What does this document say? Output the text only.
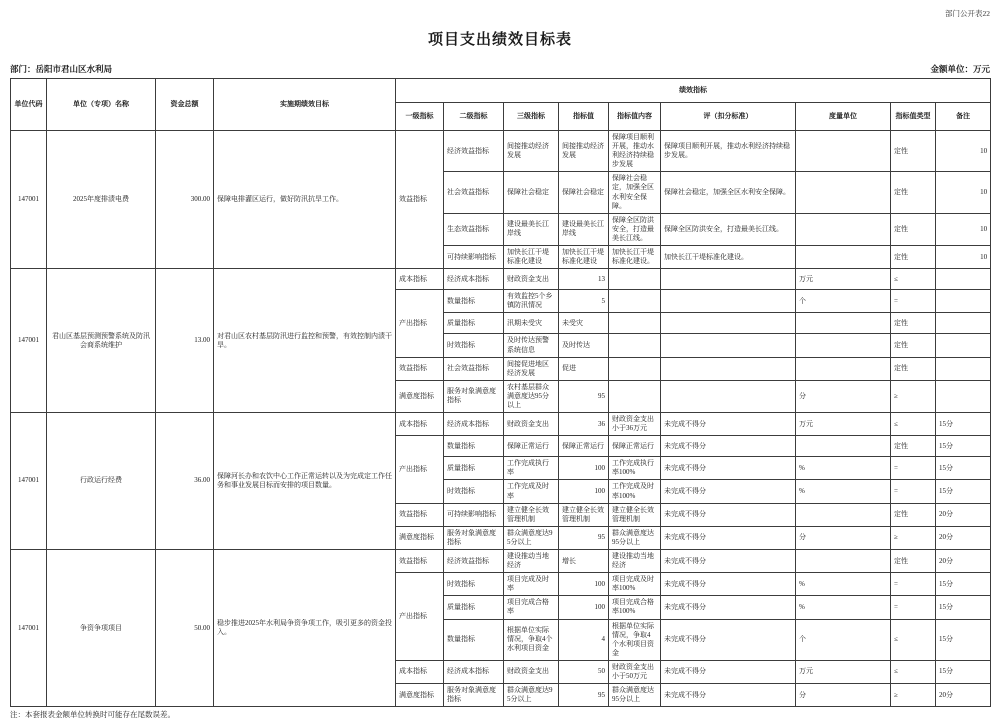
部门公开表22
项目支出绩效目标表
部门：岳阳市君山区水利局	金额单位：万元
单位代码	单位（专项）名称	资金总额	实施期绩效目标	绩效指标								
				一级指标	二级指标	三级指标	指标值	指标值内容	评（扣分标准）	度量单位	指标值类型	备注
147001	2025年度排渍电费	300.00	保障电排灌区运行，做好防汛抗旱工作。	效益指标	经济效益指标	间接推动经济发展	间接推动经济发展	保障项目顺利开展，推动水利经济持续稳步发展	保障项目顺利开展，推动水利经济持续稳步发展。		定性	10
					社会效益指标	保障社会稳定	保障社会稳定	保障社会稳定，加强全区水利安全保障。	保障社会稳定，加强全区水利安全保障。		定性	10
					生态效益指标	建设最美长江岸线	建设最美长江岸线	保障全区防洪安全，打造最美长江线。	保障全区防洪安全，打造最美长江线。		定性	10
					可持续影响指标	加快长江干堤标准化建设	加快长江干堤标准化建设	加快长江干堤标准化建设。	加快长江干堤标准化建设。		定性	10
147001	君山区基层预测预警系统及防汛会商系统维护	13.00	对君山区农村基层防汛进行监控和预警，有效控制内渍干旱。	成本指标	经济成本指标	财政资金支出	13			万元	≤	
				产出指标	数量指标	有效监控5个乡镇防汛情况	5			个	=	
					质量指标	汛期未受灾	未受灾				定性	
					时效指标	及时传达预警系统信息	及时传达				定性	
				效益指标	社会效益指标	间接促进地区经济发展	促进				定性	
				满意度指标	服务对象满意度指标	农村基层群众满意度达95分以上	95			分	≥	
147001	行政运行经费	36.00	保障河长办和农饮中心工作正常运转以及为完成定工作任务和事业发展目标而安排的项目数量。	成本指标	经济成本指标	财政资金支出	36	财政资金支出小于36万元	未完成不得分	万元	≤	15分
				产出指标	数量指标	保障正常运行	保障正常运行	保障正常运行	未完成不得分		定性	15分
					质量指标	工作完成执行率	100	工作完成执行率100%	未完成不得分	%	=	15分
					时效指标	工作完成及时率	100	工作完成及时率100%	未完成不得分	%	=	15分
				效益指标	可持续影响指标	建立健全长效管理机制	建立健全长效管理机制	建立健全长效管理机制	未完成不得分		定性	20分
				满意度指标	服务对象满意度指标	群众满意度达95分以上	95	群众满意度达95分以上	未完成不得分	分	≥	20分
147001	争资争项项目	50.00	稳步推进2025年水利局争资争项工作，吸引更多的资金投入。	效益指标	经济效益指标	建设推动当地经济	增长	建设推动当地经济	未完成不得分		定性	20分
				产出指标	时效指标	项目完成及时率	100	项目完成及时率100%	未完成不得分	%	=	15分
					质量指标	项目完成合格率	100	项目完成合格率100%	未完成不得分	%	=	15分
					数量指标	根据单位实际情况，争取4个水利项目资金	4	根据单位实际情况，争取4个水利项目资金	未完成不得分	个	≤	15分
				成本指标	经济成本指标	财政资金支出	50	财政资金支出小于50万元	未完成不得分	万元	≤	15分
				满意度指标	服务对象满意度指标	群众满意度达95分以上	95	群众满意度达95分以上	未完成不得分	分	≥	20分
注：本套报表金额单位转换时可能存在尾数误差。
